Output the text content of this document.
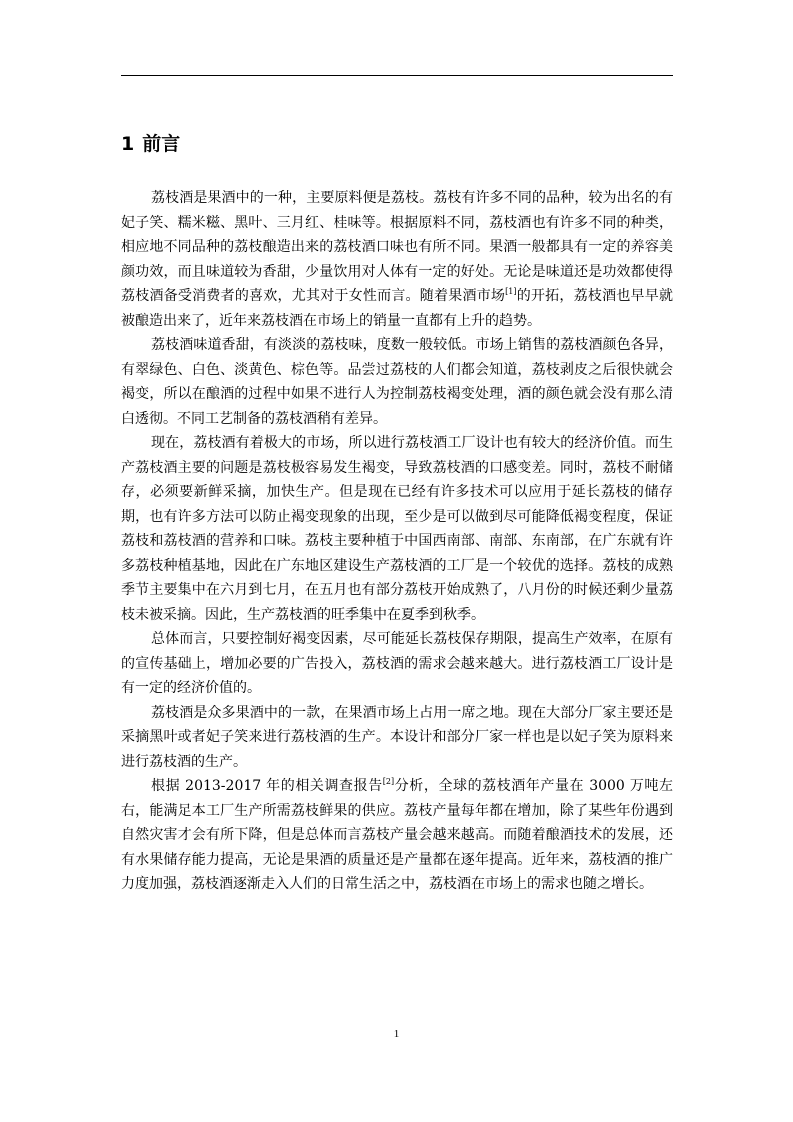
1 前言

荔枝酒是果酒中的一种，主要原料便是荔枝。荔枝有许多不同的品种，较为出名的有妃子笑、糯米糍、黑叶、三月红、桂味等。根据原料不同，荔枝酒也有许多不同的种类，相应地不同品种的荔枝酿造出来的荔枝酒口味也有所不同。果酒一般都具有一定的养容美颜功效，而且味道较为香甜，少量饮用对人体有一定的好处。无论是味道还是功效都使得荔枝酒备受消费者的喜欢，尤其对于女性而言。随着果酒市场[1]的开拓，荔枝酒也早早就被酿造出来了，近年来荔枝酒在市场上的销量一直都有上升的趋势。

荔枝酒味道香甜，有淡淡的荔枝味，度数一般较低。市场上销售的荔枝酒颜色各异，有翠绿色、白色、淡黄色、棕色等。品尝过荔枝的人们都会知道，荔枝剥皮之后很快就会褐变，所以在酿酒的过程中如果不进行人为控制荔枝褐变处理，酒的颜色就会没有那么清白透彻。不同工艺制备的荔枝酒稍有差异。

现在，荔枝酒有着极大的市场，所以进行荔枝酒工厂设计也有较大的经济价值。而生产荔枝酒主要的问题是荔枝极容易发生褐变，导致荔枝酒的口感变差。同时，荔枝不耐储存，必须要新鲜采摘，加快生产。但是现在已经有许多技术可以应用于延长荔枝的储存期，也有许多方法可以防止褐变现象的出现，至少是可以做到尽可能降低褐变程度，保证荔枝和荔枝酒的营养和口味。荔枝主要种植于中国西南部、南部、东南部，在广东就有许多荔枝种植基地，因此在广东地区建设生产荔枝酒的工厂是一个较优的选择。荔枝的成熟季节主要集中在六月到七月，在五月也有部分荔枝开始成熟了，八月份的时候还剩少量荔枝未被采摘。因此，生产荔枝酒的旺季集中在夏季到秋季。

总体而言，只要控制好褐变因素，尽可能延长荔枝保存期限，提高生产效率，在原有的宣传基础上，增加必要的广告投入，荔枝酒的需求会越来越大。进行荔枝酒工厂设计是有一定的经济价值的。

荔枝酒是众多果酒中的一款，在果酒市场上占用一席之地。现在大部分厂家主要还是采摘黑叶或者妃子笑来进行荔枝酒的生产。本设计和部分厂家一样也是以妃子笑为原料来进行荔枝酒的生产。

根据 2013-2017 年的相关调查报告[2]分析，全球的荔枝酒年产量在 3000 万吨左右，能满足本工厂生产所需荔枝鲜果的供应。荔枝产量每年都在增加，除了某些年份遇到自然灾害才会有所下降，但是总体而言荔枝产量会越来越高。而随着酿酒技术的发展，还有水果储存能力提高，无论是果酒的质量还是产量都在逐年提高。近年来，荔枝酒的推广力度加强，荔枝酒逐渐走入人们的日常生活之中，荔枝酒在市场上的需求也随之增长。

1
